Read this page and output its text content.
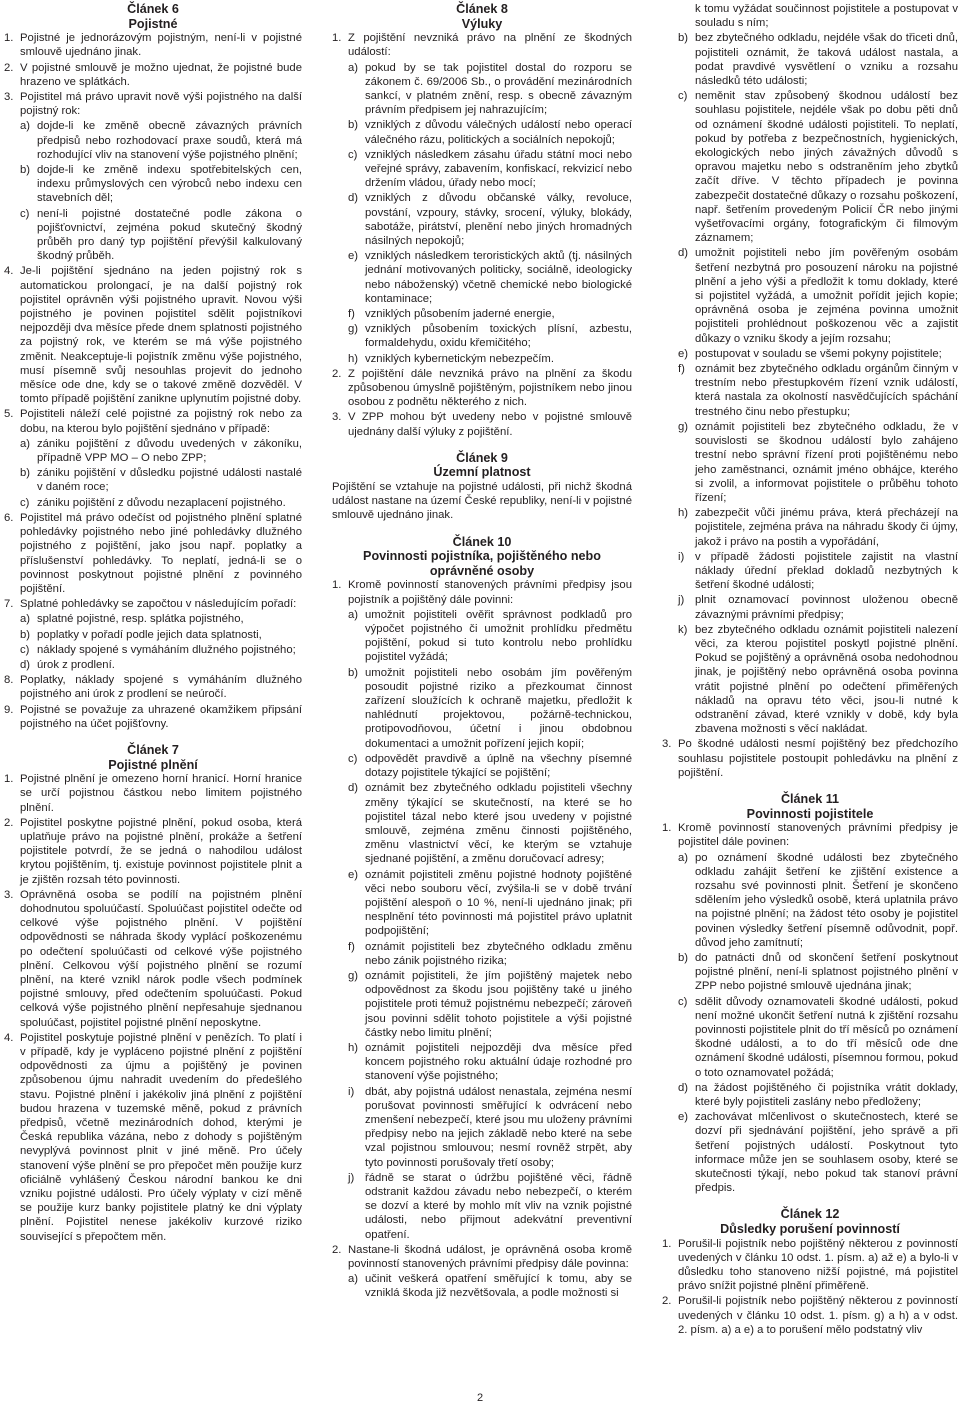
Článek 6
Pojistné
1. Pojistné je jednorázovým pojistným, není-li v pojistné smlouvě ujednáno jinak.
2. V pojistné smlouvě je možno ujednat, že pojistné bude hrazeno ve splátkách.
3. Pojistitel má právo upravit nově výši pojistného na další pojistný rok:
a) dojde-li ke změně obecně závazných právních předpisů nebo rozhodovací praxe soudů, která má rozhodující vliv na stanovení výše pojistného plnění;
b) dojde-li ke změně indexu spotřebitelských cen, indexu průmyslových cen výrobců nebo indexu cen stavebních děl;
c) není-li pojistné dostatečné podle zákona o pojišťovnictví, zejména pokud skutečný škodný průběh pro daný typ pojištění převýšil kalkulovaný škodný průběh.
4. Je-li pojištění sjednáno na jeden pojistný rok s automatickou prolongací, je na další pojistný rok pojistitel oprávněn výši pojistného upravit. Novou výši pojistného je povinen pojistitel sdělit pojistníkovi nejpozději dva měsíce přede dnem splatnosti pojistného za pojistný rok, ve kterém se má výše pojistného změnit. Neakceptuje-li pojistník změnu výše pojistného, musí písemně svůj nesouhlas projevit do jednoho měsíce ode dne, kdy se o takové změně dozvěděl. V tomto případě pojištění zanikne uplynutím pojistné doby.
5. Pojistiteli náleží celé pojistné za pojistný rok nebo za dobu, na kterou bylo pojištění sjednáno v případě:
a) zániku pojištění z důvodu uvedených v zákoníku, případně VPP MO – O nebo ZPP;
b) zániku pojištění v důsledku pojistné události nastalé v daném roce;
c) zániku pojištění z důvodu nezaplacení pojistného.
6. Pojistitel má právo odečíst od pojistného plnění splatné pohledávky pojistného nebo jiné pohledávky dlužného pojistného z pojištění, jako jsou např. poplatky a příslušenství pohledávky. To neplatí, jedná-li se o povinnost poskytnout pojistné plnění z povinného pojištění.
7. Splatné pohledávky se započtou v následujícím pořadí:
a) splatné pojistné, resp. splátka pojistného,
b) poplatky v pořadí podle jejich data splatnosti,
c) náklady spojené s vymáháním dlužného pojistného;
d) úrok z prodlení.
8. Poplatky, náklady spojené s vymáháním dlužného pojistného ani úrok z prodlení se neúročí.
9. Pojistné se považuje za uhrazené okamžikem připsání pojistného na účet pojišťovny.
Článek 7
Pojistné plnění
1. Pojistné plnění je omezeno horní hranicí. Horní hranice se určí pojistnou částkou nebo limitem pojistného plnění.
2. Pojistitel poskytne pojistné plnění, pokud osoba, která uplatňuje právo na pojistné plnění, prokáže a šetření pojistitele potvrdí, že se jedná o nahodilou událost krytou pojištěním, tj. existuje povinnost pojistitele plnit a je zjištěn rozsah této povinnosti.
3. Oprávněná osoba se podílí na pojistném plnění dohodnutou spoluúčastí. Spoluúčast pojistitel odečte od celkové výše pojistného plnění. V pojištění odpovědnosti se náhrada škody vyplácí poškozenému po odečtení spoluúčasti od celkové výše pojistného plnění. Celkovou výší pojistného plnění se rozumí plnění, na které vznikl nárok podle všech podmínek pojistné smlouvy, před odečtením spoluúčasti. Pokud celková výše pojistného plnění nepřesahuje sjednanou spoluúčast, pojistitel pojistné plnění neposkytne.
4. Pojistitel poskytuje pojistné plnění v penězích. To platí i v případě, kdy je vypláceno pojistné plnění z pojištění odpovědnosti za újmu a pojištěný je povinen způsobenou újmu nahradit uvedením do předešlého stavu. Pojistné plnění i jakékoliv jiná plnění z pojištění budou hrazena v tuzemské měně, pokud z právních předpisů, včetně mezinárodních dohod, kterými je Česká republika vázána, nebo z dohody s pojištěným nevyplývá povinnost plnit v jiné měně. Pro účely stanovení výše plnění se pro přepočet měn použije kurz oficiálně vyhlášený Českou národní bankou ke dni vzniku pojistné události. Pro účely výplaty v cizí měně se použije kurz banky pojistitele platný ke dni výplaty plnění. Pojistitel nenese jakékoliv kurzové riziko související s přepočtem měn.
Článek 8
Výluky
1. Z pojištění nevzniká právo na plnění ze škodných událostí:
a) pokud by se tak pojistitel dostal do rozporu se zákonem č. 69/2006 Sb., o provádění mezinárodních sankcí, v platném znění, resp. s obecně závazným právním předpisem jej nahrazujícím;
b) vzniklých z důvodu válečných událostí nebo operací válečného rázu, politických a sociálních nepokojů;
c) vzniklých následkem zásahu úřadu státní moci nebo veřejné správy, zabavením, konfiskací, rekvizicí nebo držením vládou, úřady nebo mocí;
d) vzniklých z důvodu občanské války, revoluce, povstání, vzpoury, stávky, srocení, výluky, blokády, sabotáže, pirátství, plenění nebo jiných hromadných násilných nepokojů;
e) vzniklých následkem teroristických aktů (tj. násilných jednání motivovaných politicky, sociálně, ideologicky nebo náboženský) včetně chemické nebo biologické kontaminace;
f) vzniklých působením jaderné energie,
g) vzniklých působením toxických plísní, azbestu, formaldehydu, oxidu křemičitého;
h) vzniklých kybernetickým nebezpečím.
2. Z pojištění dále nevzniká právo na plnění za škodu způsobenou úmyslně pojištěným, pojistníkem nebo jinou osobou z podnětu některého z nich.
3. V ZPP mohou být uvedeny nebo v pojistné smlouvě ujednány další výluky z pojištění.
Článek 9
Územní platnost
Pojištění se vztahuje na pojistné události, při nichž škodná událost nastane na území České republiky, není-li v pojistné smlouvě ujednáno jinak.
Článek 10
Povinnosti pojistníka, pojištěného nebo
oprávněné osoby
1. Kromě povinností stanovených právními předpisy jsou pojistník a pojištěný dále povinni:
a) umožnit pojistiteli ověřit správnost podkladů pro výpočet pojistného či umožnit prohlídku předmětu pojištění, pokud si tuto kontrolu nebo prohlídku pojistitel vyžádá;
b) umožnit pojistiteli nebo osobám jím pověřeným posoudit pojistné riziko a přezkoumat činnost zařízení sloužících k ochraně majetku, předložit k nahlédnutí projektovou, požárně-technickou, protipovodňovou, účetní i jinou obdobnou dokumentaci a umožnit pořízení jejich kopií;
c) odpovědět pravdivě a úplně na všechny písemné dotazy pojistitele týkající se pojištění;
d) oznámit bez zbytečného odkladu pojistiteli všechny změny týkající se skutečností, na které se ho pojistitel tázal nebo které jsou uvedeny v pojistné smlouvě, zejména změnu činnosti pojištěného, změnu vlastnictví věcí, ke kterým se vztahuje sjednané pojištění, a změnu doručovací adresy;
e) oznámit pojistiteli změnu pojistné hodnoty pojištěné věci nebo souboru věcí, zvýšila-li se v době trvání pojištění alespoň o 10 %, není-li ujednáno jinak; při nesplnění této povinnosti má pojistitel právo uplatnit podpojištění;
f) oznámit pojistiteli bez zbytečného odkladu změnu nebo zánik pojistného rizika;
g) oznámit pojistiteli, že jím pojištěný majetek nebo odpovědnost za škodu jsou pojištěny také u jiného pojistitele proti témuž pojistnému nebezpečí; zároveň jsou povinni sdělit tohoto pojistitele a výši pojistné částky nebo limitu plnění;
h) oznámit pojistiteli nejpozději dva měsíce před koncem pojistného roku aktuální údaje rozhodné pro stanovení výše pojistného;
i) dbát, aby pojistná událost nenastala, zejména nesmí porušovat povinnosti směřující k odvrácení nebo zmenšení nebezpečí, které jsou mu uloženy právními předpisy nebo na jejich základě nebo které na sebe vzal pojistnou smlouvou; nesmí rovněž strpět, aby tyto povinnosti porušovaly třetí osoby;
j) řádně se starat o údržbu pojištěné věci, řádně odstranit každou závadu nebo nebezpečí, o kterém se dozví a které by mohlo mít vliv na vznik pojistné události, nebo přijmout adekvátní preventivní opatření.
2. Nastane-li škodná událost, je oprávněná osoba kromě povinností stanovených právními předpisy dále povinna:
a) učinit veškerá opatření směřující k tomu, aby se vzniklá škoda již nezvětšovala, a podle možnosti si
k tomu vyžádat součinnost pojistitele a postupovat v souladu s ním;
b) bez zbytečného odkladu, nejdéle však do třiceti dnů, pojistiteli oznámit, že taková událost nastala, a podat pravdivé vysvětlení o vzniku a rozsahu následků této události;
c) neměnit stav způsobený škodnou událostí bez souhlasu pojistitele, nejdéle však po dobu pěti dnů od oznámení škodné události pojistiteli. To neplatí, pokud by potřeba z bezpečnostních, hygienických, ekologických nebo jiných závažných důvodů s opravou majetku nebo s odstraněním jeho zbytků začít dříve. V těchto případech je povinna zabezpečit dostatečné důkazy o rozsahu poškození, např. šetřením provedeným Policií ČR nebo jinými vyšetřovacími orgány, fotografickým či filmovým záznamem;
d) umožnit pojistiteli nebo jím pověřeným osobám šetření nezbytná pro posouzení nároku na pojistné plnění a jeho výši a předložit k tomu doklady, které si pojistitel vyžádá, a umožnit pořídit jejich kopie; oprávněná osoba je zejména povinna umožnit pojistiteli prohlédnout poškozenou věc a zajistit důkazy o vzniku škody a jejím rozsahu;
e) postupovat v souladu se všemi pokyny pojistitele;
f) oznámit bez zbytečného odkladu orgánům činným v trestním nebo přestupkovém řízení vznik událostí, která nastala za okolností nasvědčujících spáchání trestného činu nebo přestupku;
g) oznámit pojistiteli bez zbytečného odkladu, že v souvislosti se škodnou událostí bylo zahájeno trestní nebo správní řízení proti pojištěnému nebo jeho zaměstnanci, oznámit jméno obhájce, kterého si zvolil, a informovat pojistitele o průběhu tohoto řízení;
h) zabezpečit vůči jinému práva, která přecházejí na pojistitele, zejména práva na náhradu škody či újmy, jakož i právo na postih a vypořádání,
i) v případě žádosti pojistitele zajistit na vlastní náklady úřední překlad dokladů nezbytných k šetření škodné události;
j) plnit oznamovací povinnost uloženou obecně závaznými právními předpisy;
k) bez zbytečného odkladu oznámit pojistiteli nalezení věci, za kterou pojistitel poskytl pojistné plnění. Pokud se pojištěný a oprávněná osoba nedohodnou jinak, je pojištěný nebo oprávněná osoba povinna vrátit pojistné plnění po odečtení přiměřených nákladů na opravu této věci, jsou-li nutné k odstranění závad, které vznikly v době, kdy byla zbavena možnosti s věcí nakládat.
3. Po škodné události nesmí pojištěný bez předchozího souhlasu pojistitele postoupit pohledávku na plnění z pojištění.
Článek 11
Povinnosti pojistitele
1. Kromě povinností stanovených právními předpisy je pojistitel dále povinen:
a) po oznámení škodné události bez zbytečného odkladu zahájit šetření ke zjištění existence a rozsahu své povinnosti plnit. Šetření je skončeno sdělením jeho výsledků osobě, která uplatnila právo na pojistné plnění; na žádost této osoby je pojistitel povinen výsledky šetření písemně odůvodnit, popř. důvod jeho zamítnutí;
b) do patnácti dnů od skončení šetření poskytnout pojistné plnění, není-li splatnost pojistného plnění v ZPP nebo pojistné smlouvě ujednána jinak;
c) sdělit důvody oznamovateli škodné události, pokud není možné ukončit šetření nutná k zjištění rozsahu povinnosti pojistitele plnit do tří měsíců po oznámení škodné události, a to do tří měsíců ode dne oznámení škodné události, písemnou formou, pokud o toto oznamovatel požádá;
d) na žádost pojištěného či pojistníka vrátit doklady, které byly pojistiteli zaslány nebo předloženy;
e) zachovávat mlčenlivost o skutečnostech, které se dozví při sjednávání pojištění, jeho správě a při šetření pojistných událostí. Poskytnout tyto informace může jen se souhlasem osoby, které se skutečnosti týkají, nebo pokud tak stanoví právní předpis.
Článek 12
Důsledky porušení povinností
1. Porušil-li pojistník nebo pojištěný některou z povinností uvedených v článku 10 odst. 1. písm. a) až e) a bylo-li v důsledku toho stanoveno nižší pojistné, má pojistitel právo snížit pojistné plnění přiměřeně.
2. Porušil-li pojistník nebo pojištěný některou z povinností uvedených v článku 10 odst. 1. písm. g) a h) a v odst. 2. písm. a) a e) a to porušení mělo podstatný vliv
2
